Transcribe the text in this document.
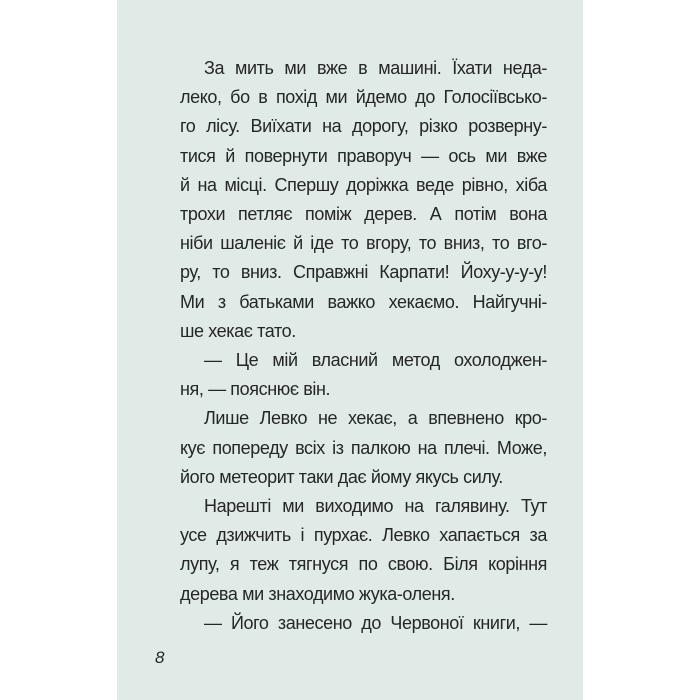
За мить ми вже в машині. Їхати неда-
леко, бо в похід ми йдемо до Голосіївсько-
го лісу. Виїхати на дорогу, різко розверну-
тися й повернути праворуч — ось ми вже
й на місці. Спершу доріжка веде рівно, хіба
трохи петляє поміж дерев. А потім вона
ніби шаленіє й іде то вгору, то вниз, то вго-
ру, то вниз. Справжні Карпати! Йоху-у-у-у!
Ми з батьками важко хекаємо. Найгучні-
ше хекає тато.
— Це мій власний метод охолоджен-
ня, — пояснює він.
Лише Левко не хекає, а впевнено кро-
кує попереду всіх із палкою на плечі. Може,
його метеорит таки дає йому якусь силу.
Нарешті ми виходимо на галявину. Тут
усе дзижчить і пурхає. Левко хапається за
лупу, я теж тягнуся по свою. Біля коріння
дерева ми знаходимо жука-оленя.
— Його занесено до Червоної книги, —
8
